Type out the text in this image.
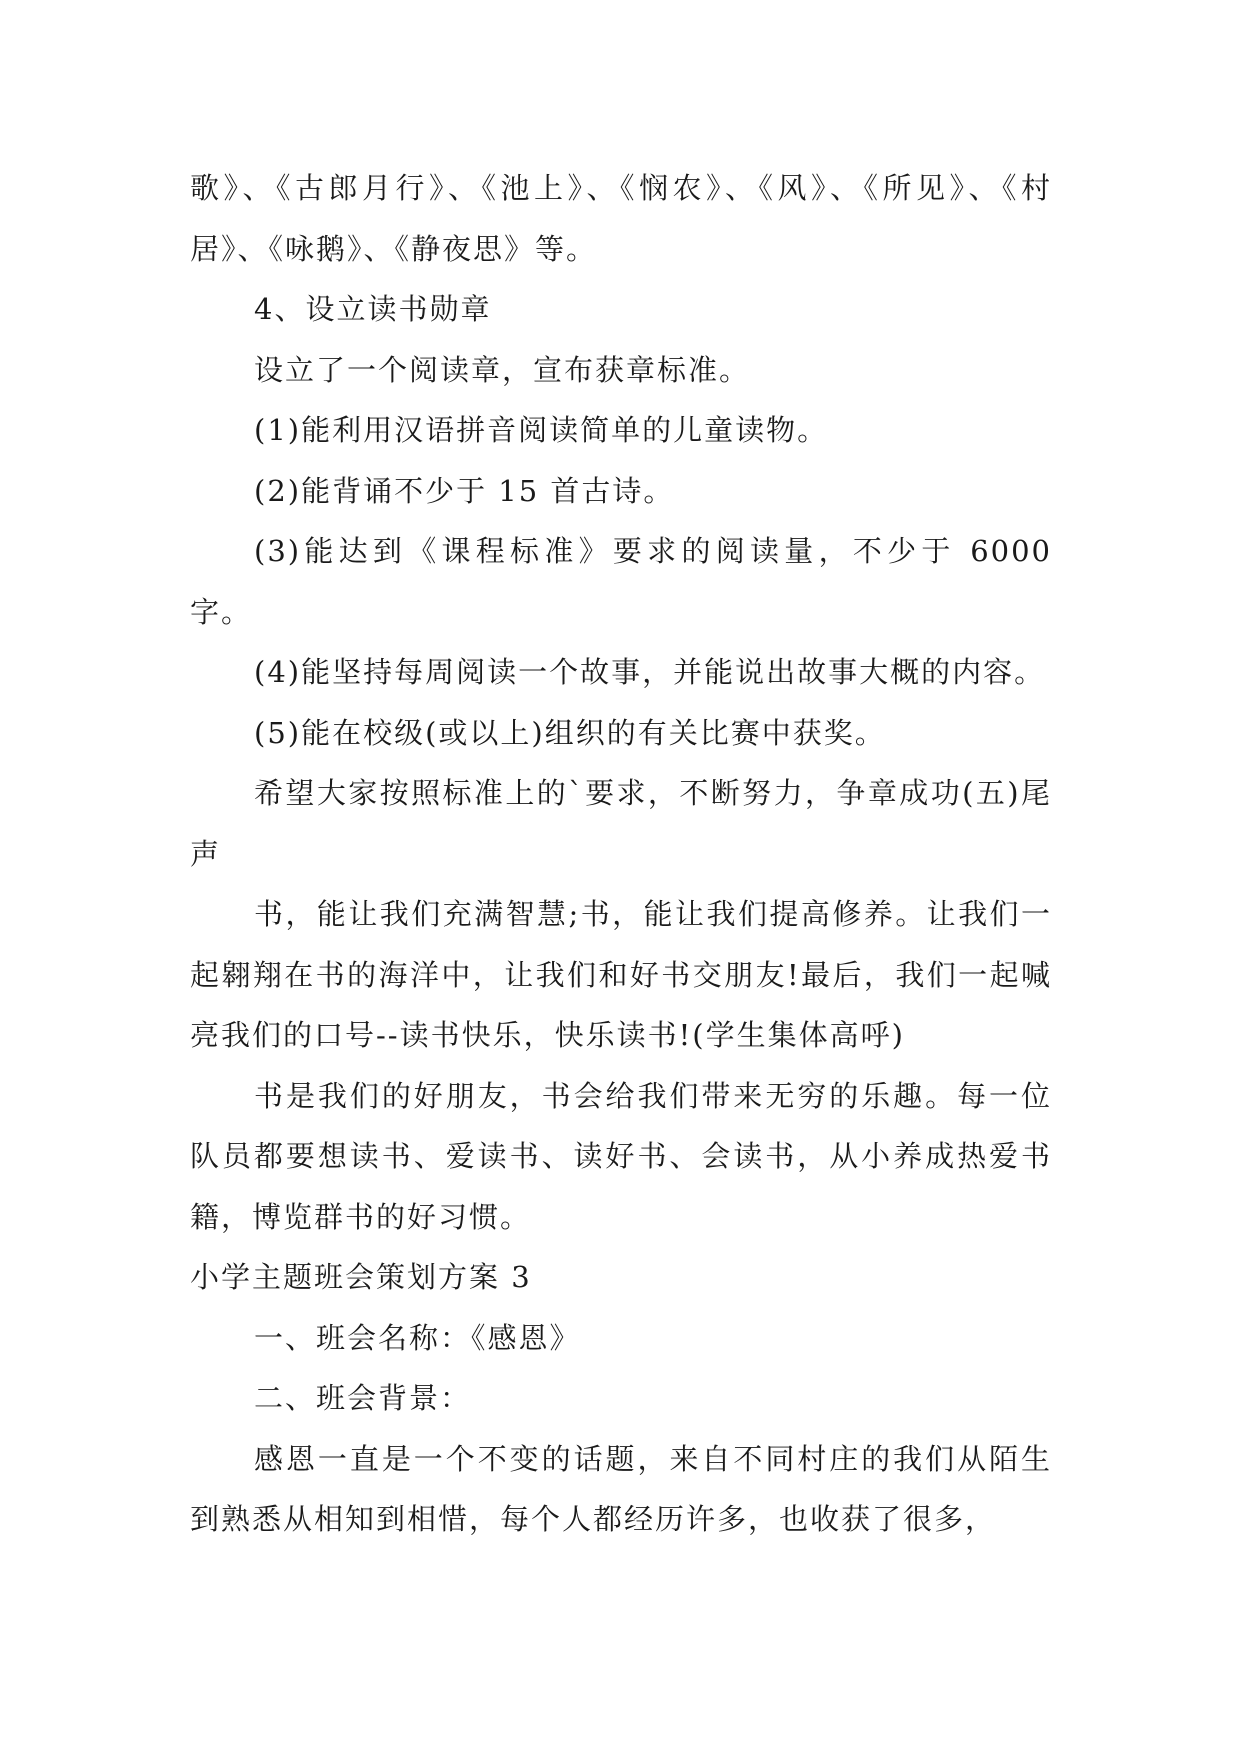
歌》、《古郎月行》、《池上》、《悯农》、《风》、《所见》、《村居》、《咏鹅》、《静夜思》等。

4、设立读书勋章

设立了一个阅读章，宣布获章标准。

(1)能利用汉语拼音阅读简单的儿童读物。

(2)能背诵不少于 15 首古诗。

(3)能达到《课程标准》要求的阅读量，不少于 6000 字。

(4)能坚持每周阅读一个故事，并能说出故事大概的内容。

(5)能在校级(或以上)组织的有关比赛中获奖。

希望大家按照标准上的`要求，不断努力，争章成功(五)尾声

书，能让我们充满智慧;书，能让我们提高修养。让我们一起翱翔在书的海洋中，让我们和好书交朋友!最后，我们一起喊亮我们的口号--读书快乐，快乐读书!(学生集体高呼)

书是我们的好朋友，书会给我们带来无穷的乐趣。每一位队员都要想读书、爱读书、读好书、会读书，从小养成热爱书籍，博览群书的好习惯。

小学主题班会策划方案 3

一、班会名称：《感恩》

二、班会背景：

感恩一直是一个不变的话题，来自不同村庄的我们从陌生到熟悉从相知到相惜，每个人都经历许多，也收获了很多，
